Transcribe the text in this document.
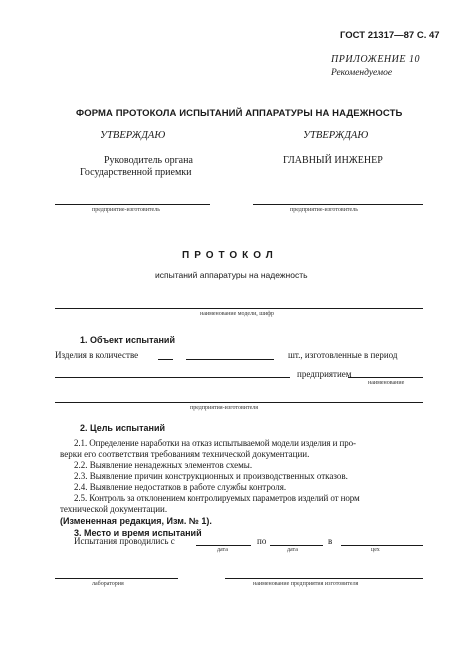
ГОСТ 21317—87 С. 47
ПРИЛОЖЕНИЕ 10
Рекомендуемое
ФОРМА ПРОТОКОЛА ИСПЫТАНИЙ АППАРАТУРЫ НА НАДЕЖНОСТЬ
УТВЕРЖДАЮ	УТВЕРЖДАЮ
Руководитель органа
Государственной приемки
ГЛАВНЫЙ ИНЖЕНЕР
предприятие-изготовитель	предприятие-изготовитель
ПРОТОКОЛ
испытаний аппаратуры на надежность
наименование модели, шифр
1. Объект испытаний
Изделия в количестве	шт., изготовленные в период
предприятием
наименование
предприятия-изготовителя
2. Цель испытаний
2.1. Определение наработки на отказ испытываемой модели изделия и про-
верки его соответствия требованиям технической документации.
2.2. Выявление ненадежных элементов схемы.
2.3. Выявление причин конструкционных и производственных отказов.
2.4. Выявление недостатков в работе службы контроля.
2.5. Контроль за отклонением контролируемых параметров изделий от норм
технической документации.
(Измененная редакция, Изм. № 1).
3. Место и время испытаний
Испытания проводились с	по	в
дата	дата	цех
лаборатория	наименование предприятия изготовителя
